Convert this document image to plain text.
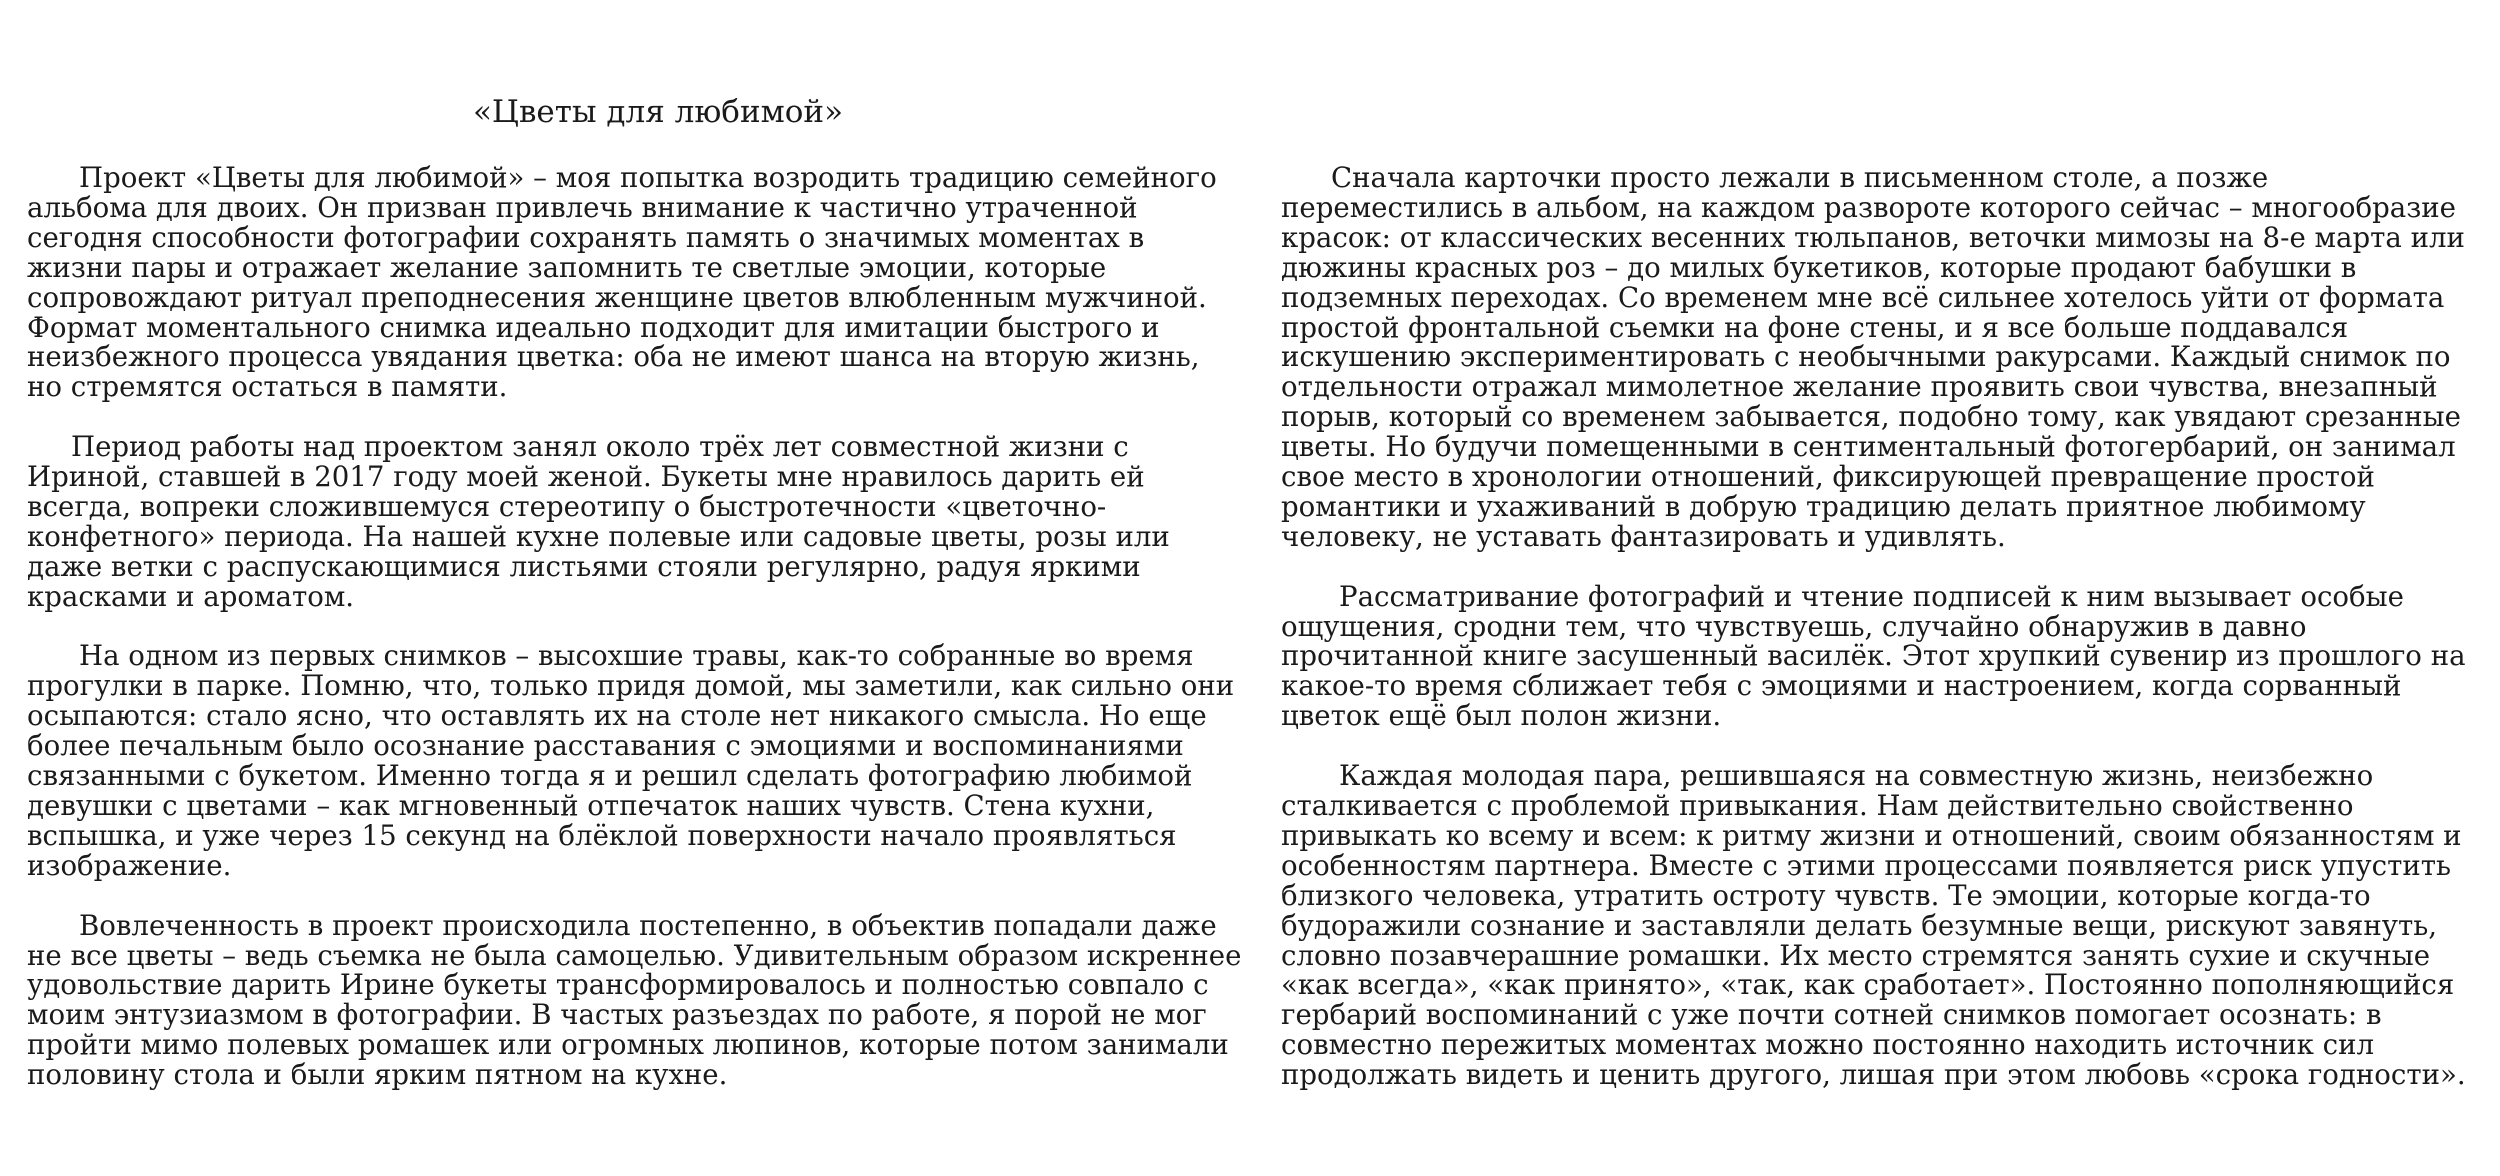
«Цветы для любимой»

Проект «Цветы для любимой» – моя попытка возродить традицию семейного альбома для двоих. Он призван привлечь внимание к частично утраченной сегодня способности фотографии сохранять память о значимых моментах в жизни пары и отражает желание запомнить те светлые эмоции, которые сопровождают ритуал преподнесения женщине цветов влюбленным мужчиной. Формат моментального снимка идеально подходит для имитации быстрого и неизбежного процесса увядания цветка: оба не имеют шанса на вторую жизнь, но стремятся остаться в памяти.

Период работы над проектом занял около трёх лет совместной жизни с Ириной, ставшей в 2017 году моей женой. Букеты мне нравилось дарить ей всегда, вопреки сложившемуся стереотипу о быстротечности «цветочно-конфетного» периода. На нашей кухне полевые или садовые цветы, розы или даже ветки с распускающимися листьями стояли регулярно, радуя яркими красками и ароматом.

На одном из первых снимков – высохшие травы, как-то собранные во время прогулки в парке. Помню, что, только придя домой, мы заметили, как сильно они осыпаются: стало ясно, что оставлять их на столе нет никакого смысла. Но еще более печальным было осознание расставания с эмоциями и воспоминаниями связанными с букетом. Именно тогда я и решил сделать фотографию любимой девушки с цветами – как мгновенный отпечаток наших чувств. Стена кухни, вспышка, и уже через 15 секунд на блёклой поверхности начало проявляться изображение.

Вовлеченность в проект происходила постепенно, в объектив попадали даже не все цветы – ведь съемка не была самоцелью. Удивительным образом искреннее удовольствие дарить Ирине букеты трансформировалось и полностью совпало с моим энтузиазмом в фотографии. В частых разъездах по работе, я порой не мог пройти мимо полевых ромашек или огромных люпинов, которые потом занимали половину стола и были ярким пятном на кухне.

Сначала карточки просто лежали в письменном столе, а позже переместились в альбом, на каждом развороте которого сейчас – многообразие красок: от классических весенних тюльпанов, веточки мимозы на 8-е марта или дюжины красных роз – до милых букетиков, которые продают бабушки в подземных переходах. Со временем мне всё сильнее хотелось уйти от формата простой фронтальной съемки на фоне стены, и я все больше поддавался искушению экспериментировать с необычными ракурсами. Каждый снимок по отдельности отражал мимолетное желание проявить свои чувства, внезапный порыв, который со временем забывается, подобно тому, как увядают срезанные цветы. Но будучи помещенными в сентиментальный фотогербарий, он занимал свое место в хронологии отношений, фиксирующей превращение простой романтики и ухаживаний в добрую традицию делать приятное любимому человеку, не уставать фантазировать и удивлять.

Рассматривание фотографий и чтение подписей к ним вызывает особые ощущения, сродни тем, что чувствуешь, случайно обнаружив в давно прочитанной книге засушенный василёк. Этот хрупкий сувенир из прошлого на какое-то время сближает тебя с эмоциями и настроением, когда сорванный цветок ещё был полон жизни.

Каждая молодая пара, решившаяся на совместную жизнь, неизбежно сталкивается с проблемой привыкания. Нам действительно свойственно привыкать ко всему и всем: к ритму жизни и отношений, своим обязанностям и особенностям партнера. Вместе с этими процессами появляется риск упустить близкого человека, утратить остроту чувств. Те эмоции, которые когда-то будоражили сознание и заставляли делать безумные вещи, рискуют завянуть, словно позавчерашние ромашки. Их место стремятся занять сухие и скучные «как всегда», «как принято», «так, как сработает». Постоянно пополняющийся гербарий воспоминаний с уже почти сотней снимков помогает осознать: в совместно пережитых моментах можно постоянно находить источник сил продолжать видеть и ценить другого, лишая при этом любовь «срока годности».
